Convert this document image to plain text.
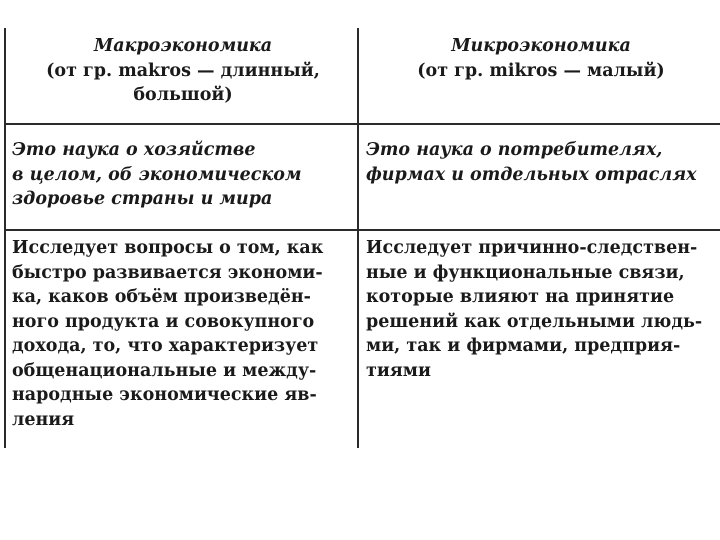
Макроэкономика
(от гр. makros — длинный,
большой)
Микроэкономика
(от гр. mikros — малый)
Это наука о хозяйстве
в целом, об экономическом
здоровье страны и мира
Это наука о потребителях,
фирмах и отдельных отраслях
Исследует вопросы о том, как
быстро развивается экономи-
ка, каков объём произведён-
ного продукта и совокупного
дохода, то, что характеризует
общенациональные и между-
народные экономические яв-
ления
Исследует причинно-следствен-
ные и функциональные связи,
которые влияют на принятие
решений как отдельными людь-
ми, так и фирмами, предприя-
тиями
